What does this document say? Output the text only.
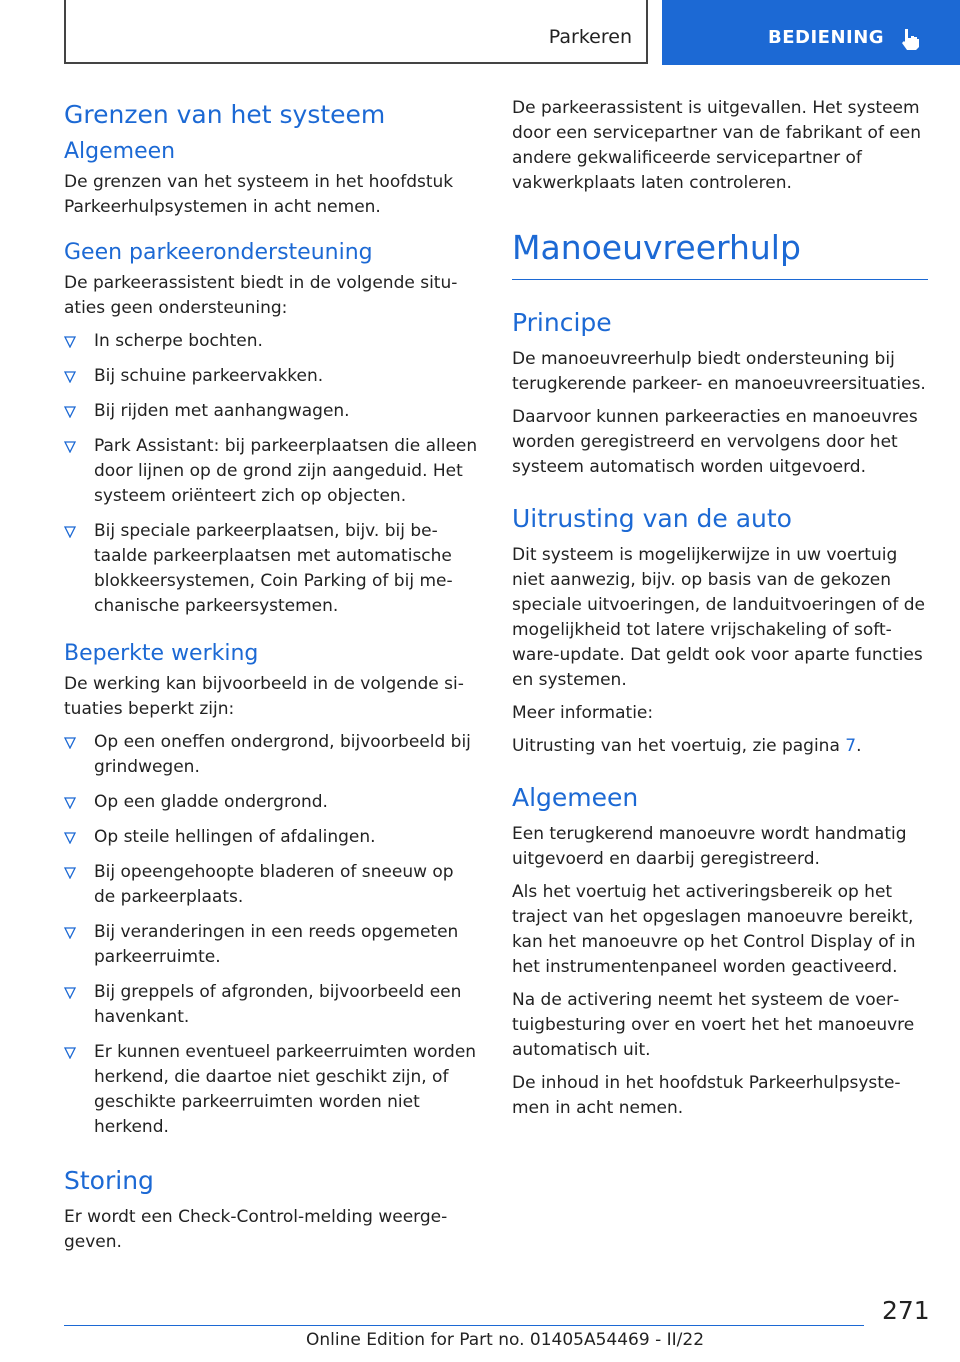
Parkeren	BEDIENING
Grenzen van het systeem
Algemeen

De grenzen van het systeem in het hoofdstuk Parkeerhulpsystemen in acht nemen.

Geen parkeerondersteuning

De parkeerassistent biedt in de volgende situaties geen ondersteuning:

In scherpe bochten.
Bij schuine parkeervakken.
Bij rijden met aanhangwagen.
Park Assistant: bij parkeerplaatsen die alleen door lijnen op de grond zijn aangeduid. Het systeem oriënteert zich op objecten.
Bij speciale parkeerplaatsen, bijv. bij betaalde parkeerplaatsen met automatische blokkeersystemen, Coin Parking of bij mechanische parkeersystemen.
Beperkte werking

De werking kan bijvoorbeeld in de volgende situaties beperkt zijn:

Op een oneffen ondergrond, bijvoorbeeld bij grindwegen.
Op een gladde ondergrond.
Op steile hellingen of afdalingen.
Bij opeengehoopte bladeren of sneeuw op de parkeerplaats.
Bij veranderingen in een reeds opgemeten parkeerruimte.
Bij greppels of afgronden, bijvoorbeeld een havenkant.
Er kunnen eventueel parkeerruimten worden herkend, die daartoe niet geschikt zijn, of geschikte parkeerruimten worden niet herkend.
Storing

Er wordt een Check-Control-melding weergegeven.

De parkeerassistent is uitgevallen. Het systeem door een servicepartner van de fabrikant of een andere gekwalificeerde servicepartner of vakwerkplaats laten controleren.

Manoeuvreerhulp
Principe

De manoeuvreerhulp biedt ondersteuning bij terugkerende parkeer- en manoeuvreersituaties.

Daarvoor kunnen parkeeracties en manoeuvres worden geregistreerd en vervolgens door het systeem automatisch worden uitgevoerd.

Uitrusting van de auto

Dit systeem is mogelijkerwijze in uw voertuig niet aanwezig, bijv. op basis van de gekozen speciale uitvoeringen, de landuitvoeringen of de mogelijkheid tot latere vrijschakeling of software-update. Dat geldt ook voor aparte functies en systemen.

Meer informatie:

Uitrusting van het voertuig, zie pagina 7.

Algemeen

Een terugkerend manoeuvre wordt handmatig uitgevoerd en daarbij geregistreerd.

Als het voertuig het activeringsbereik op het traject van het opgeslagen manoeuvre bereikt, kan het manoeuvre op het Control Display of in het instrumentenpaneel worden geactiveerd.

Na de activering neemt het systeem de voertuigbesturing over en voert het het manoeuvre automatisch uit.

De inhoud in het hoofdstuk Parkeerhulpsystemen in acht nemen.

271
Online Edition for Part no. 01405A54469 - II/22
